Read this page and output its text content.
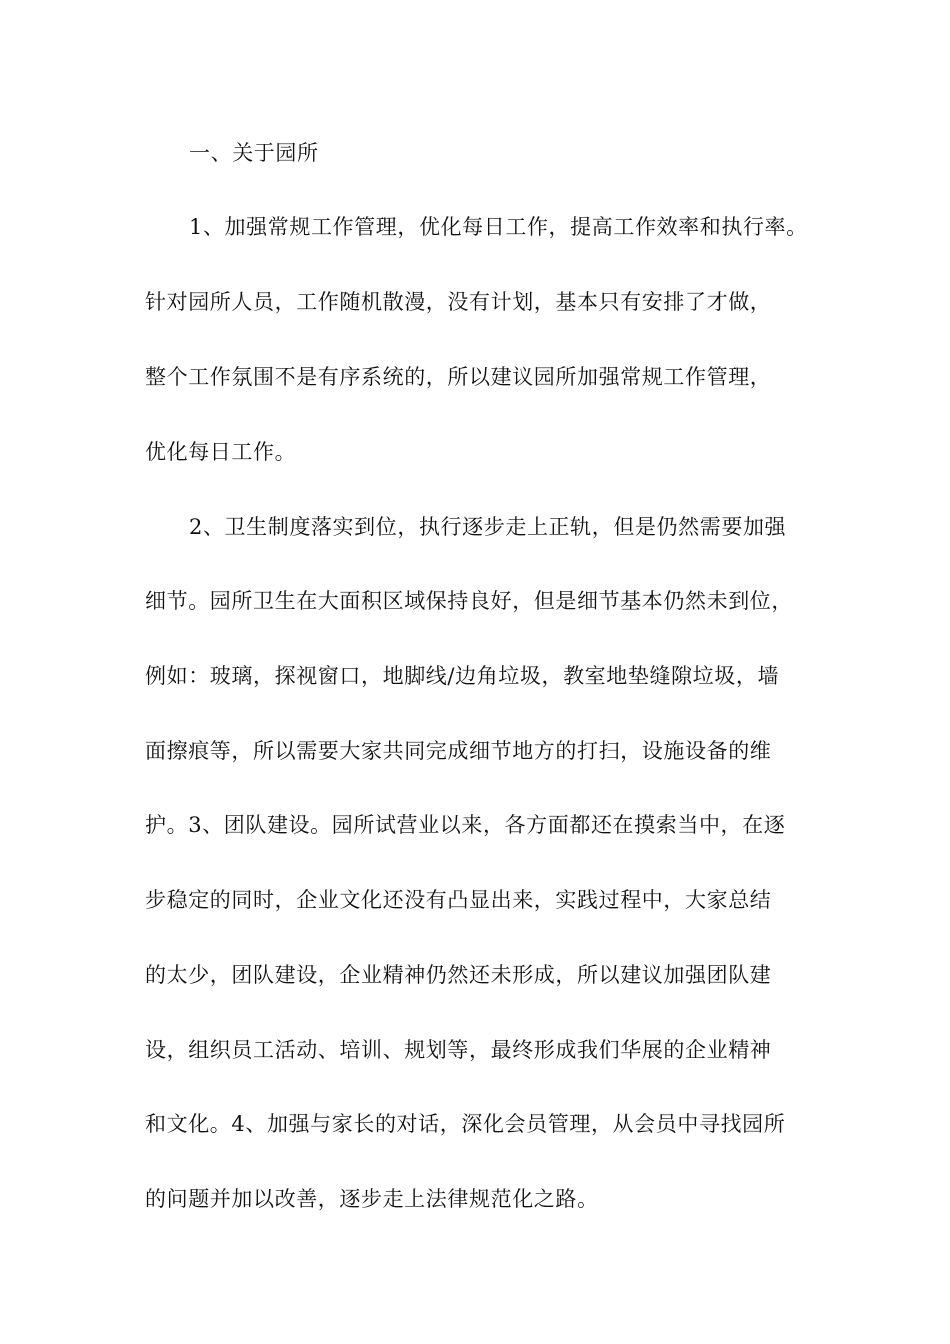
一、关于园所
1、加强常规工作管理，优化每日工作，提高工作效率和执行率。
针对园所人员，工作随机散漫，没有计划，基本只有安排了才做，
整个工作氛围不是有序系统的，所以建议园所加强常规工作管理，
优化每日工作。
2、卫生制度落实到位，执行逐步走上正轨，但是仍然需要加强
细节。园所卫生在大面积区域保持良好，但是细节基本仍然未到位，
例如：玻璃，探视窗口，地脚线/边角垃圾，教室地垫缝隙垃圾，墙
面擦痕等，所以需要大家共同完成细节地方的打扫，设施设备的维
护。3、团队建设。园所试营业以来，各方面都还在摸索当中，在逐
步稳定的同时，企业文化还没有凸显出来，实践过程中，大家总结
的太少，团队建设，企业精神仍然还未形成，所以建议加强团队建
设，组织员工活动、培训、规划等，最终形成我们华展的企业精神
和文化。4、加强与家长的对话，深化会员管理，从会员中寻找园所
的问题并加以改善，逐步走上法律规范化之路。
